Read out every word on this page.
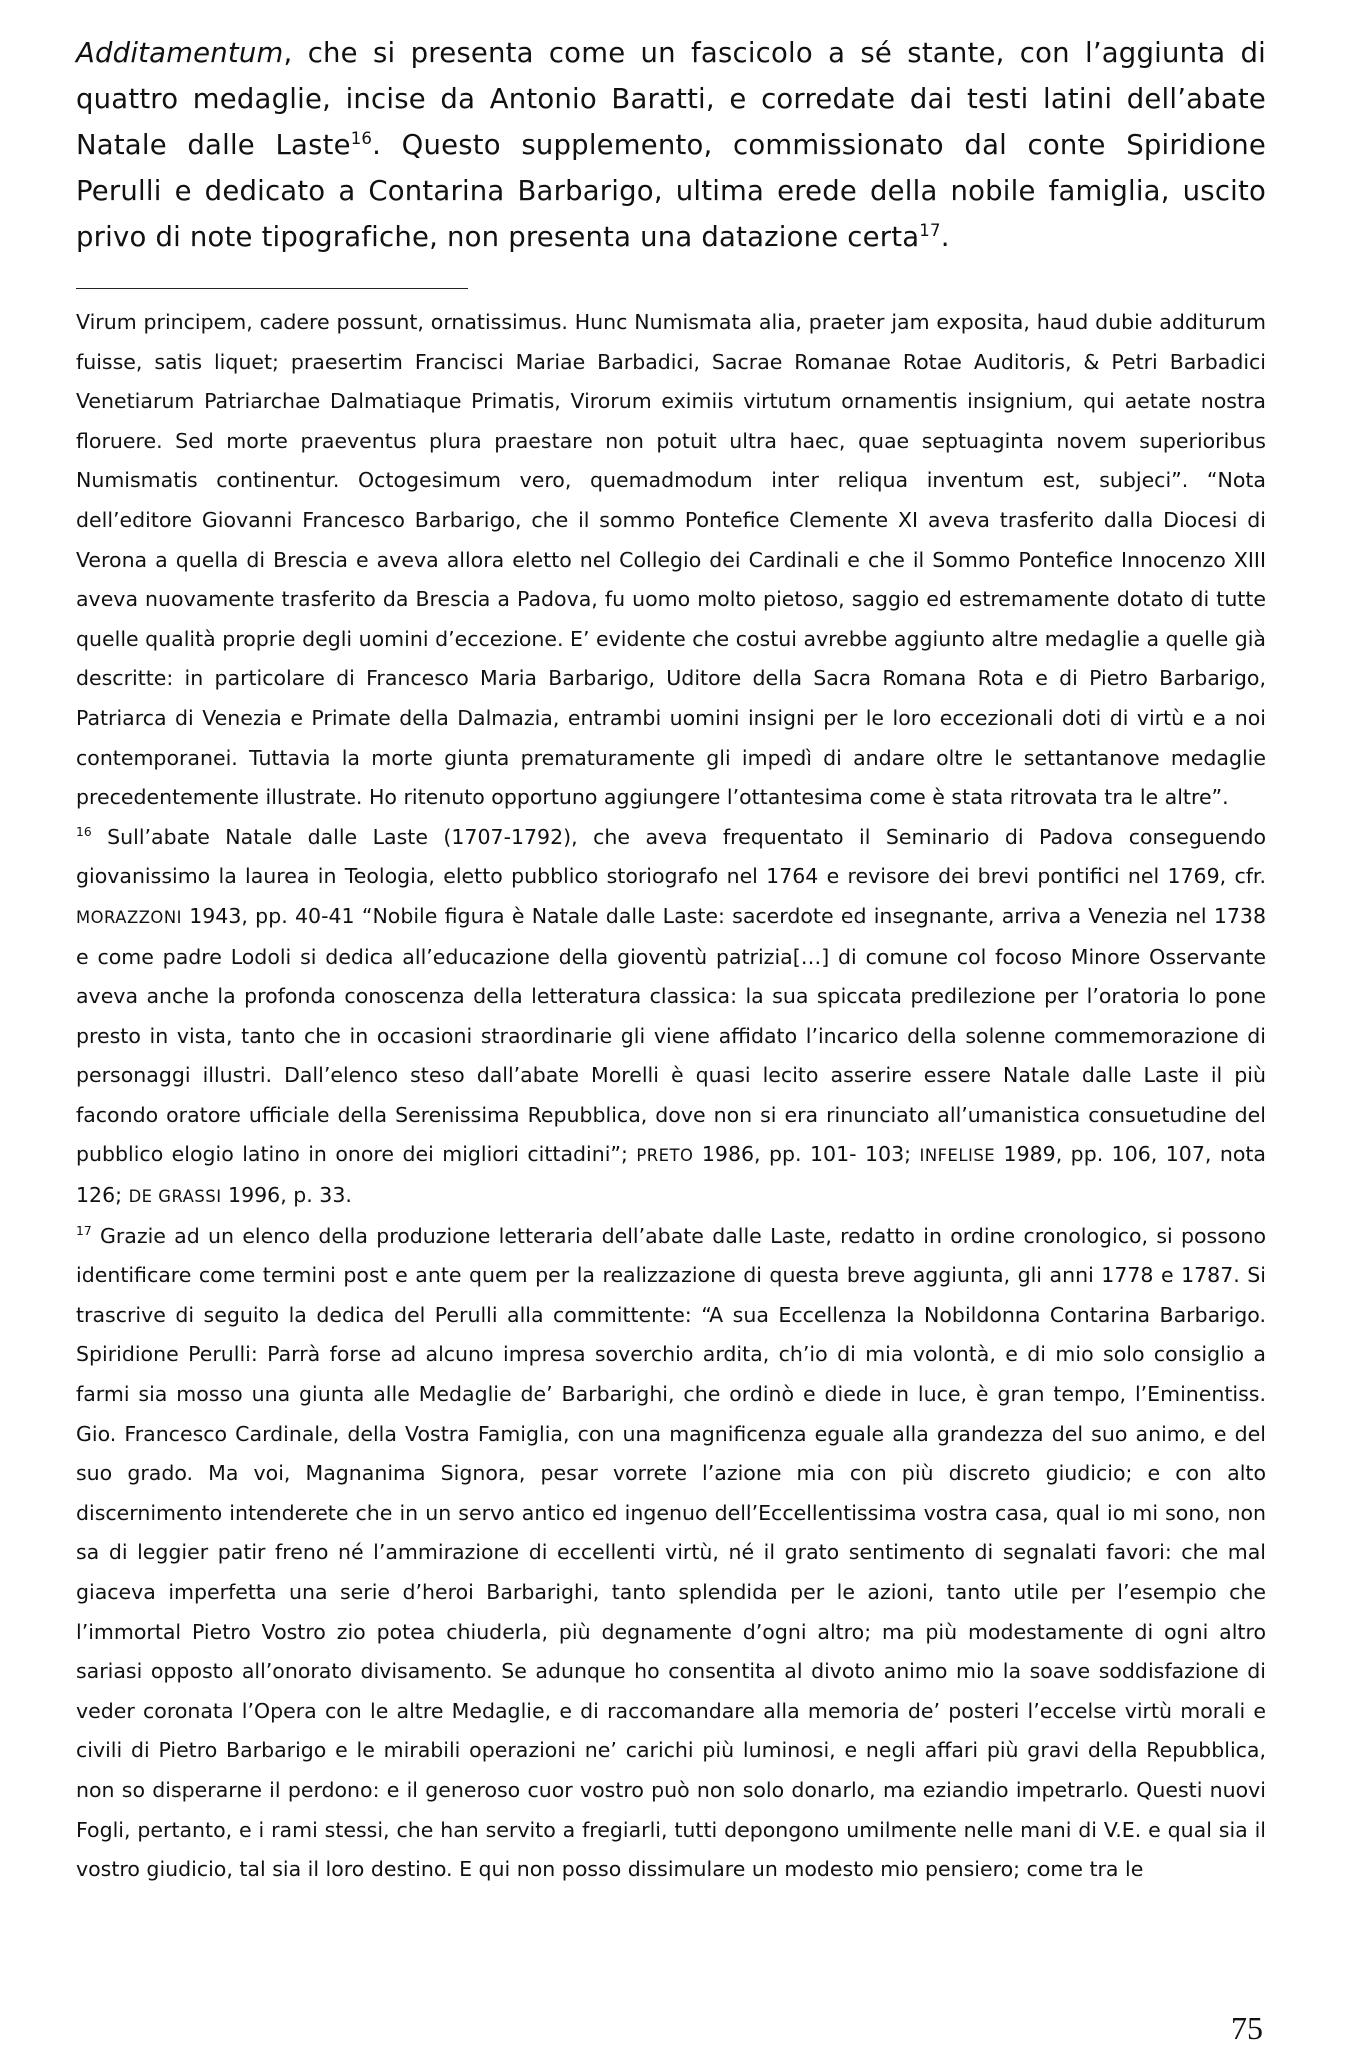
Additamentum, che si presenta come un fascicolo a sé stante, con l’aggiunta di quattro medaglie, incise da Antonio Baratti, e corredate dai testi latini dell’abate Natale dalle Laste$^{16}$. Questo supplemento, commissionato dal conte Spiridione Perulli e dedicato a Contarina Barbarigo, ultima erede della nobile famiglia, uscito privo di note tipografiche, non presenta una datazione certa$^{17}$.

Virum principem, cadere possunt, ornatissimus. Hunc Numismata alia, praeter jam exposita, haud dubie additurum fuisse, satis liquet; praesertim Francisci Mariae Barbadici, Sacrae Romanae Rotae Auditoris, & Petri Barbadici Venetiarum Patriarchae Dalmatiaque Primatis, Virorum eximiis virtutum ornamentis insignium, qui aetate nostra floruere. Sed morte praeventus plura praestare non potuit ultra haec, quae septuaginta novem superioribus Numismatis continentur. Octogesimum vero, quemadmodum inter reliqua inventum est, subjeci”. “Nota dell’editore Giovanni Francesco Barbarigo, che il sommo Pontefice Clemente XI aveva trasferito dalla Diocesi di Verona a quella di Brescia e aveva allora eletto nel Collegio dei Cardinali e che il Sommo Pontefice Innocenzo XIII aveva nuovamente trasferito da Brescia a Padova, fu uomo molto pietoso, saggio ed estremamente dotato di tutte quelle qualità proprie degli uomini d’eccezione. E’ evidente che costui avrebbe aggiunto altre medaglie a quelle già descritte: in particolare di Francesco Maria Barbarigo, Uditore della Sacra Romana Rota e di Pietro Barbarigo, Patriarca di Venezia e Primate della Dalmazia, entrambi uomini insigni per le loro eccezionali doti di virtù e a noi contemporanei. Tuttavia la morte giunta prematuramente gli impedì di andare oltre le settantanove medaglie precedentemente illustrate. Ho ritenuto opportuno aggiungere l’ottantesima come è stata ritrovata tra le altre”.

$^{16}$ Sull’abate Natale dalle Laste (1707-1792), che aveva frequentato il Seminario di Padova conseguendo giovanissimo la laurea in Teologia, eletto pubblico storiografo nel 1764 e revisore dei brevi pontifici nel 1769, cfr. MORAZZONI 1943, pp. 40-41 “Nobile figura è Natale dalle Laste: sacerdote ed insegnante, arriva a Venezia nel 1738 e come padre Lodoli si dedica all’educazione della gioventù patrizia[…] di comune col focoso Minore Osservante aveva anche la profonda conoscenza della letteratura classica: la sua spiccata predilezione per l’oratoria lo pone presto in vista, tanto che in occasioni straordinarie gli viene affidato l’incarico della solenne commemorazione di personaggi illustri. Dall’elenco steso dall’abate Morelli è quasi lecito asserire essere Natale dalle Laste il più facondo oratore ufficiale della Serenissima Repubblica, dove non si era rinunciato all’umanistica consuetudine del pubblico elogio latino in onore dei migliori cittadini”; PRETO 1986, pp. 101- 103; INFELISE 1989, pp. 106, 107, nota 126; DE GRASSI 1996, p. 33.

$^{17}$ Grazie ad un elenco della produzione letteraria dell’abate dalle Laste, redatto in ordine cronologico, si possono identificare come termini post e ante quem per la realizzazione di questa breve aggiunta, gli anni 1778 e 1787. Si trascrive di seguito la dedica del Perulli alla committente: “A sua Eccellenza la Nobildonna Contarina Barbarigo. Spiridione Perulli: Parrà forse ad alcuno impresa soverchio ardita, ch’io di mia volontà, e di mio solo consiglio a farmi sia mosso una giunta alle Medaglie de’ Barbarighi, che ordinò e diede in luce, è gran tempo, l’Eminentiss. Gio. Francesco Cardinale, della Vostra Famiglia, con una magnificenza eguale alla grandezza del suo animo, e del suo grado. Ma voi, Magnanima Signora, pesar vorrete l’azione mia con più discreto giudicio; e con alto discernimento intenderete che in un servo antico ed ingenuo dell’Eccellentissima vostra casa, qual io mi sono, non sa di leggier patir freno né l’ammirazione di eccellenti virtù, né il grato sentimento di segnalati favori: che mal giaceva imperfetta una serie d’heroi Barbarighi, tanto splendida per le azioni, tanto utile per l’esempio che l’immortal Pietro Vostro zio potea chiuderla, più degnamente d’ogni altro; ma più modestamente di ogni altro sariasi opposto all’onorato divisamento. Se adunque ho consentita al divoto animo mio la soave soddisfazione di veder coronata l’Opera con le altre Medaglie, e di raccomandare alla memoria de’ posteri l’eccelse virtù morali e civili di Pietro Barbarigo e le mirabili operazioni ne’ carichi più luminosi, e negli affari più gravi della Repubblica, non so disperarne il perdono: e il generoso cuor vostro può non solo donarlo, ma eziandio impetrarlo. Questi nuovi Fogli, pertanto, e i rami stessi, che han servito a fregiarli, tutti depongono umilmente nelle mani di V.E. e qual sia il vostro giudicio, tal sia il loro destino. E qui non posso dissimulare un modesto mio pensiero; come tra le

75
